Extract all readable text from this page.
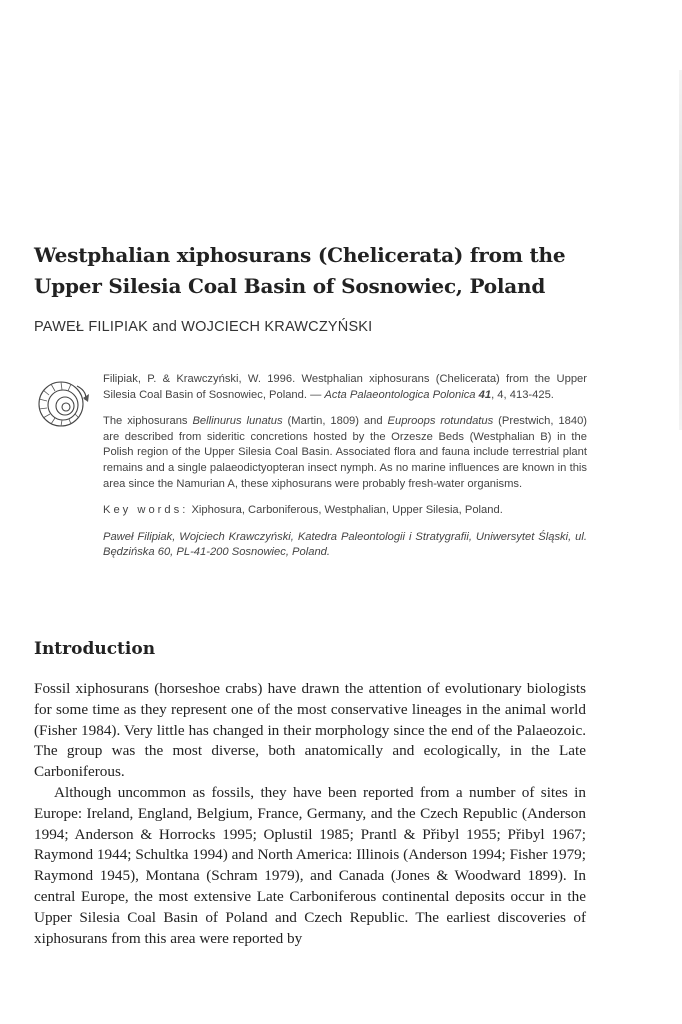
Westphalian xiphosurans (Chelicerata) from the
Upper Silesia Coal Basin of Sosnowiec, Poland
PAWEŁ FILIPIAK and WOJCIECH KRAWCZYŃSKI

Filipiak, P. & Krawczyński, W. 1996. Westphalian xiphosurans (Chelicerata) from the Upper Silesia Coal Basin of Sosnowiec, Poland. — Acta Palaeontologica Polonica 41, 4, 413-425.

The xiphosurans Bellinurus lunatus (Martin, 1809) and Euproops rotundatus (Prestwich, 1840) are described from sideritic concretions hosted by the Orzesze Beds (Westphalian B) in the Polish region of the Upper Silesia Coal Basin. Associated flora and fauna include terrestrial plant remains and a single palaeodictyopteran insect nymph. As no marine influences are known in this area since the Namurian A, these xiphosurans were probably fresh-water organisms.

Key words: Xiphosura, Carboniferous, Westphalian, Upper Silesia, Poland.

Paweł Filipiak, Wojciech Krawczyński, Katedra Paleontologii i Stratygrafii, Uniwersytet Śląski, ul. Będzińska 60, PL-41-200 Sosnowiec, Poland.

Introduction

Fossil xiphosurans (horseshoe crabs) have drawn the attention of evolutionary biologists for some time as they represent one of the most conservative lineages in the animal world (Fisher 1984). Very little has changed in their morphology since the end of the Palaeozoic. The group was the most diverse, both anatomically and ecologically, in the Late Carboniferous.

Although uncommon as fossils, they have been reported from a number of sites in Europe: Ireland, England, Belgium, France, Germany, and the Czech Republic (Anderson 1994; Anderson & Horrocks 1995; Oplustil 1985; Prantl & Přibyl 1955; Přibyl 1967; Raymond 1944; Schultka 1994) and North America: Illinois (Anderson 1994; Fisher 1979; Raymond 1945), Montana (Schram 1979), and Canada (Jones & Woodward 1899). In central Europe, the most extensive Late Carboniferous continental deposits occur in the Upper Silesia Coal Basin of Poland and Czech Republic. The earliest discoveries of xiphosurans from this area were reported by
